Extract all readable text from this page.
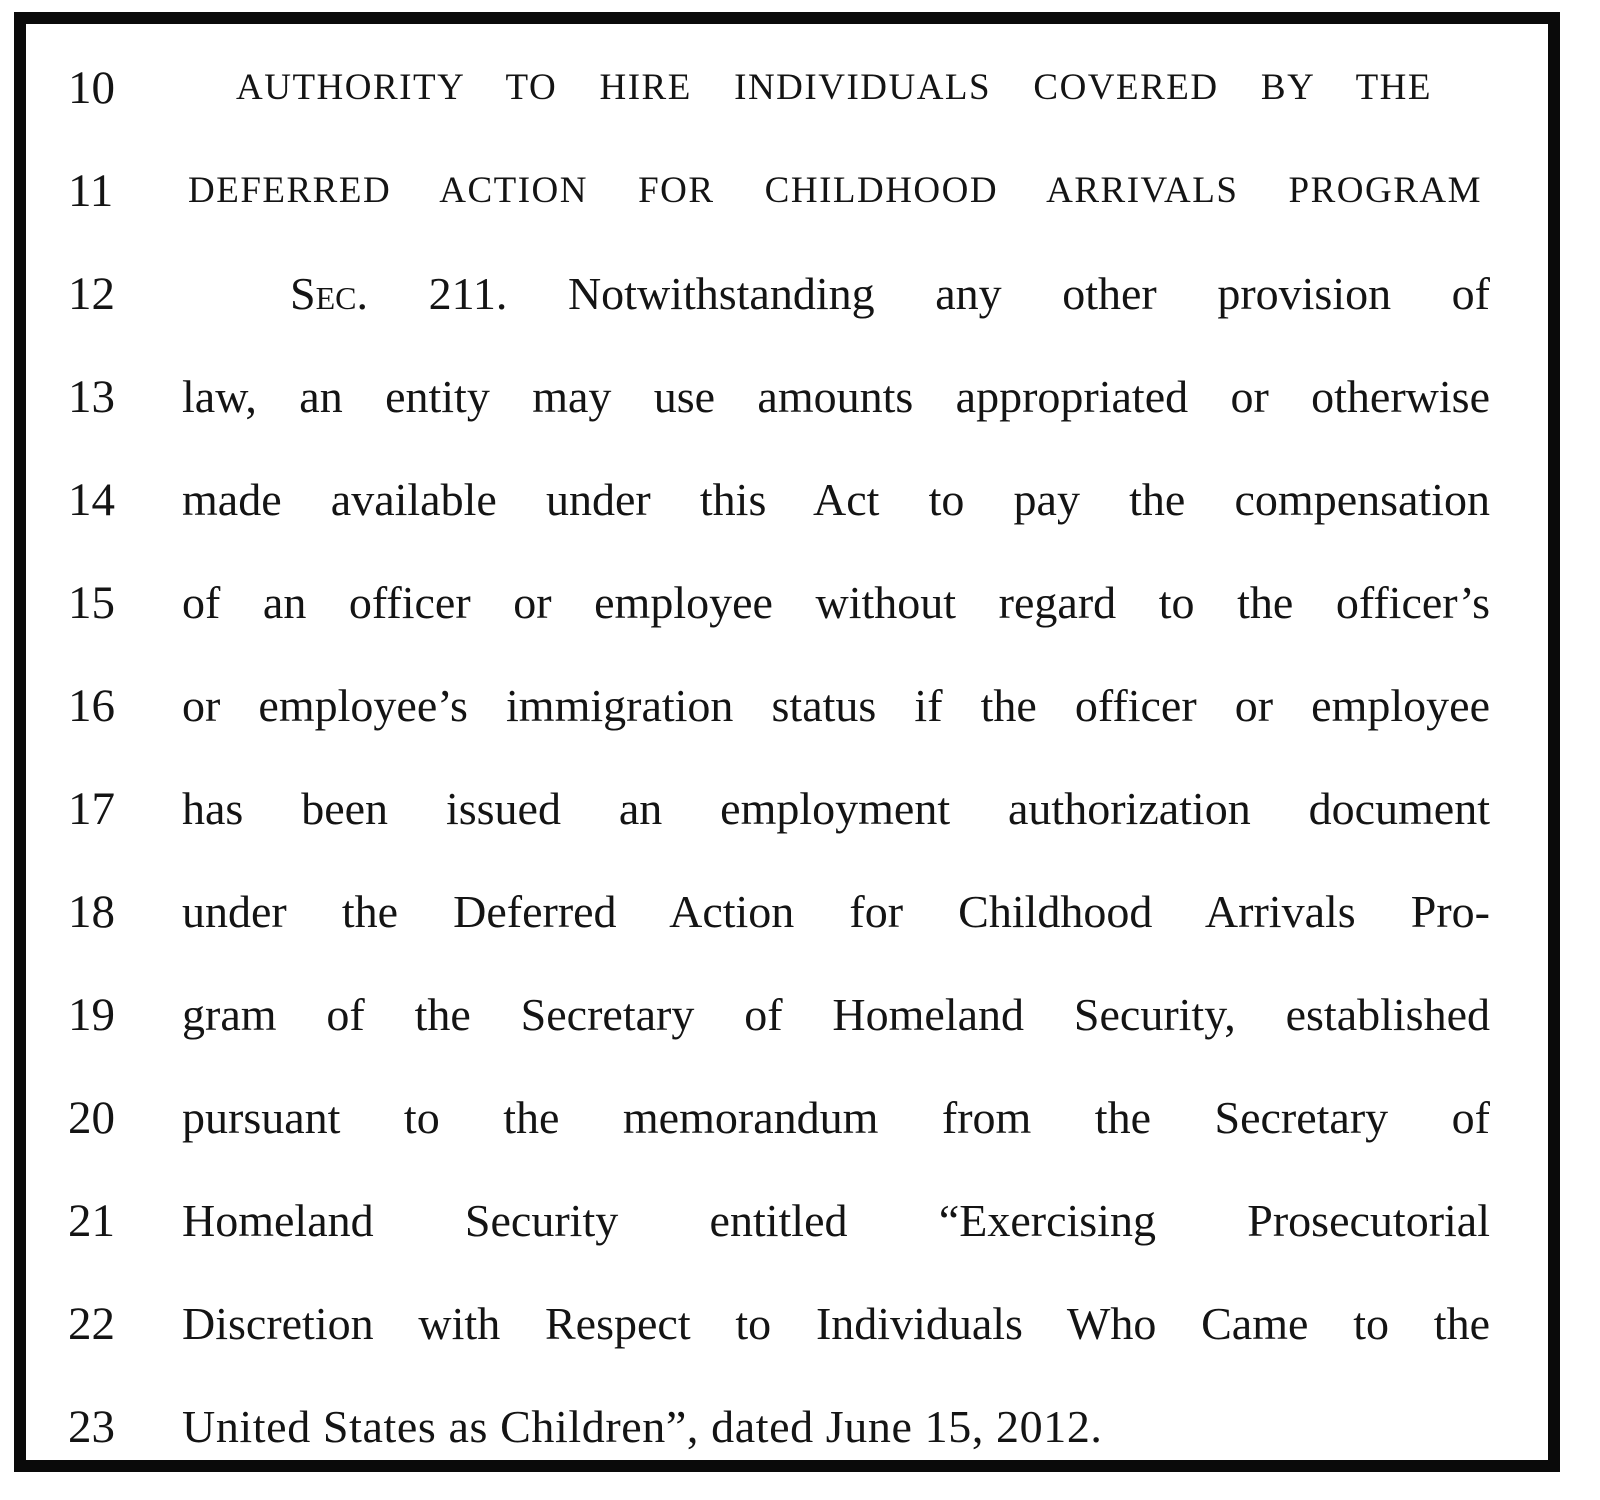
10	AUTHORITY TO HIRE INDIVIDUALS COVERED BY THE
11	DEFERRED ACTION FOR CHILDHOOD ARRIVALS PROGRAM
12	Sec. 211. Notwithstanding any other provision of
13	law, an entity may use amounts appropriated or otherwise
14	made available under this Act to pay the compensation
15	of an officer or employee without regard to the officer’s
16	or employee’s immigration status if the officer or employee
17	has been issued an employment authorization document
18	under the Deferred Action for Childhood Arrivals Pro-
19	gram of the Secretary of Homeland Security, established
20	pursuant to the memorandum from the Secretary of
21	Homeland Security entitled “Exercising Prosecutorial
22	Discretion with Respect to Individuals Who Came to the
23	United States as Children”, dated June 15, 2012.
